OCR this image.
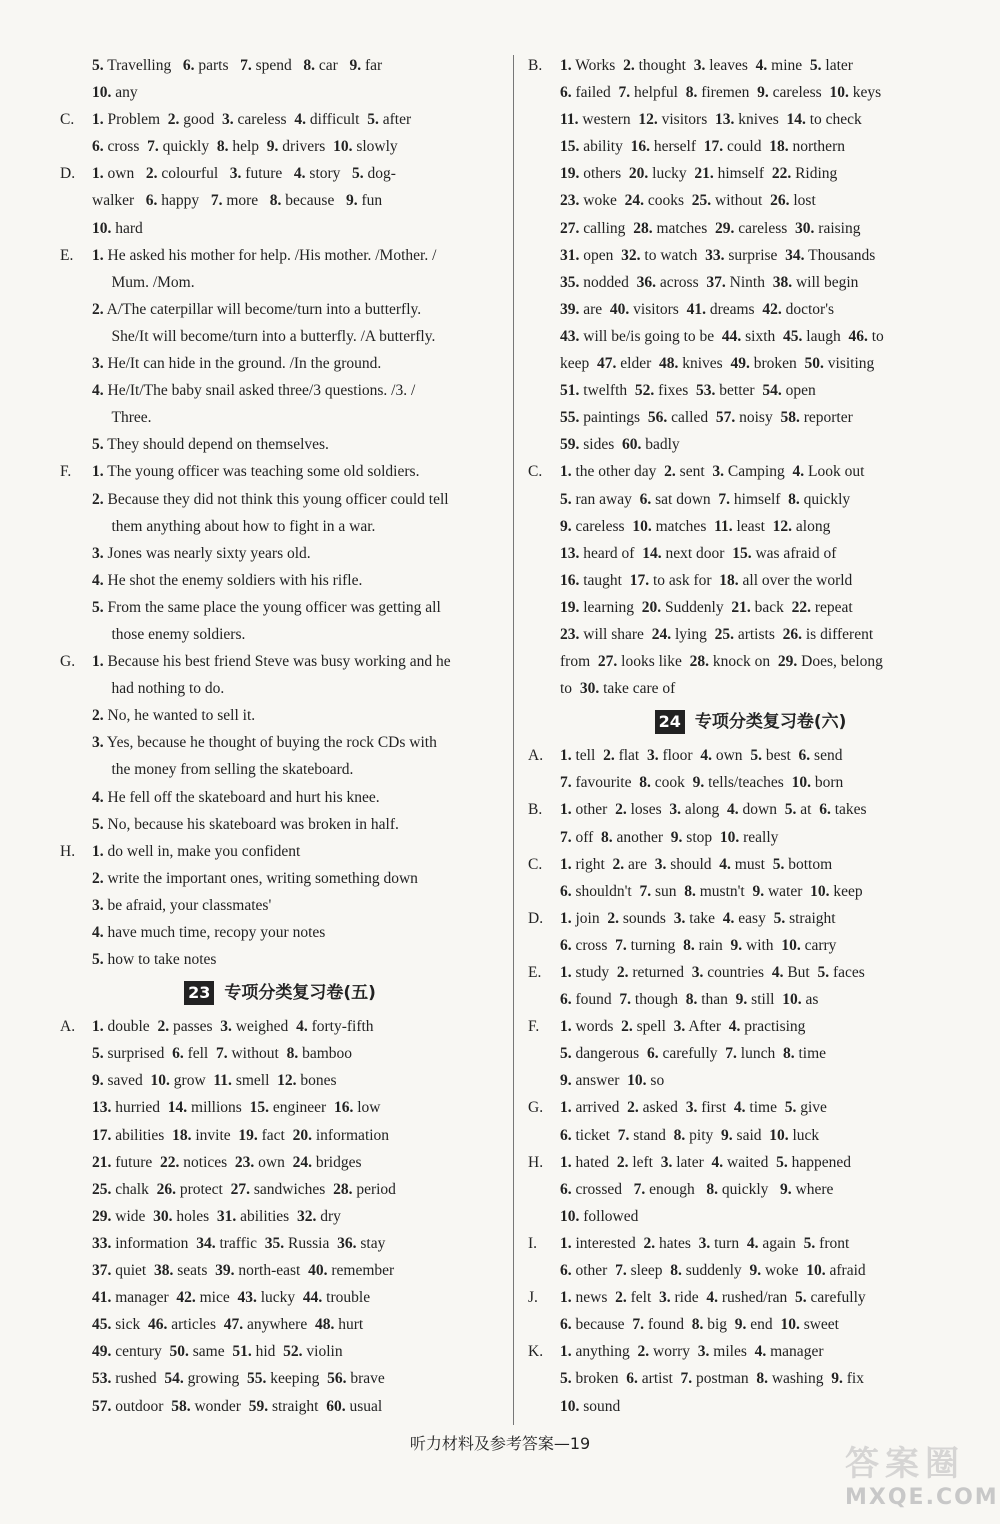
5. Travelling   6. parts   7. spend   8. car   9. far
10. any
C. 1. Problem  2. good  3. careless  4. difficult  5. after
6. cross  7. quickly  8. help  9. drivers  10. slowly
D. 1. own   2. colourful   3. future   4. story   5. dog-
walker   6. happy   7. more   8. because   9. fun
10. hard
E. 1. He asked his mother for help. /His mother. /Mother. /
Mum. /Mom.
2. A/The caterpillar will become/turn into a butterfly.
She/It will become/turn into a butterfly. /A butterfly.
3. He/It can hide in the ground. /In the ground.
4. He/It/The baby snail asked three/3 questions. /3. /
Three.
5. They should depend on themselves.
F. 1. The young officer was teaching some old soldiers.
2. Because they did not think this young officer could tell
them anything about how to fight in a war.
3. Jones was nearly sixty years old.
4. He shot the enemy soldiers with his rifle.
5. From the same place the young officer was getting all
those enemy soldiers.
G. 1. Because his best friend Steve was busy working and he
had nothing to do.
2. No, he wanted to sell it.
3. Yes, because he thought of buying the rock CDs with
the money from selling the skateboard.
4. He fell off the skateboard and hurt his knee.
5. No, because his skateboard was broken in half.
H. 1. do well in, make you confident
2. write the important ones, writing something down
3. be afraid, your classmates'
4. have much time, recopy your notes
5. how to take notes
23 专项分类复习卷(五)
A. 1. double  2. passes  3. weighed  4. forty-fifth
5. surprised  6. fell  7. without  8. bamboo
9. saved  10. grow  11. smell  12. bones
13. hurried  14. millions  15. engineer  16. low
17. abilities  18. invite  19. fact  20. information
21. future  22. notices  23. own  24. bridges
25. chalk  26. protect  27. sandwiches  28. period
29. wide  30. holes  31. abilities  32. dry
33. information  34. traffic  35. Russia  36. stay
37. quiet  38. seats  39. north-east  40. remember
41. manager  42. mice  43. lucky  44. trouble
45. sick  46. articles  47. anywhere  48. hurt
49. century  50. same  51. hid  52. violin
53. rushed  54. growing  55. keeping  56. brave
57. outdoor  58. wonder  59. straight  60. usual
B. 1. Works  2. thought  3. leaves  4. mine  5. later
6. failed  7. helpful  8. firemen  9. careless  10. keys
11. western  12. visitors  13. knives  14. to check
15. ability  16. herself  17. could  18. northern
19. others  20. lucky  21. himself  22. Riding
23. woke  24. cooks  25. without  26. lost
27. calling  28. matches  29. careless  30. raising
31. open  32. to watch  33. surprise  34. Thousands
35. nodded  36. across  37. Ninth  38. will begin
39. are  40. visitors  41. dreams  42. doctor's
43. will be/is going to be  44. sixth  45. laugh  46. to
keep  47. elder  48. knives  49. broken  50. visiting
51. twelfth  52. fixes  53. better  54. open
55. paintings  56. called  57. noisy  58. reporter
59. sides  60. badly
C. 1. the other day  2. sent  3. Camping  4. Look out
5. ran away  6. sat down  7. himself  8. quickly
9. careless  10. matches  11. least  12. along
13. heard of  14. next door  15. was afraid of
16. taught  17. to ask for  18. all over the world
19. learning  20. Suddenly  21. back  22. repeat
23. will share  24. lying  25. artists  26. is different
from  27. looks like  28. knock on  29. Does, belong
to  30. take care of
24 专项分类复习卷(六)
A. 1. tell  2. flat  3. floor  4. own  5. best  6. send
7. favourite  8. cook  9. tells/teaches  10. born
B. 1. other  2. loses  3. along  4. down  5. at  6. takes
7. off  8. another  9. stop  10. really
C. 1. right  2. are  3. should  4. must  5. bottom
6. shouldn't  7. sun  8. mustn't  9. water  10. keep
D. 1. join  2. sounds  3. take  4. easy  5. straight
6. cross  7. turning  8. rain  9. with  10. carry
E. 1. study  2. returned  3. countries  4. But  5. faces
6. found  7. though  8. than  9. still  10. as
F. 1. words  2. spell  3. After  4. practising
5. dangerous  6. carefully  7. lunch  8. time
9. answer  10. so
G. 1. arrived  2. asked  3. first  4. time  5. give
6. ticket  7. stand  8. pity  9. said  10. luck
H. 1. hated  2. left  3. later  4. waited  5. happened
6. crossed   7. enough   8. quickly   9. where
10. followed
I. 1. interested  2. hates  3. turn  4. again  5. front
6. other  7. sleep  8. suddenly  9. woke  10. afraid
J. 1. news  2. felt  3. ride  4. rushed/ran  5. carefully
6. because  7. found  8. big  9. end  10. sweet
K. 1. anything  2. worry  3. miles  4. manager
5. broken  6. artist  7. postman  8. washing  9. fix
10. sound
听力材料及参考答案—19
答案圈
MXQE.COM
